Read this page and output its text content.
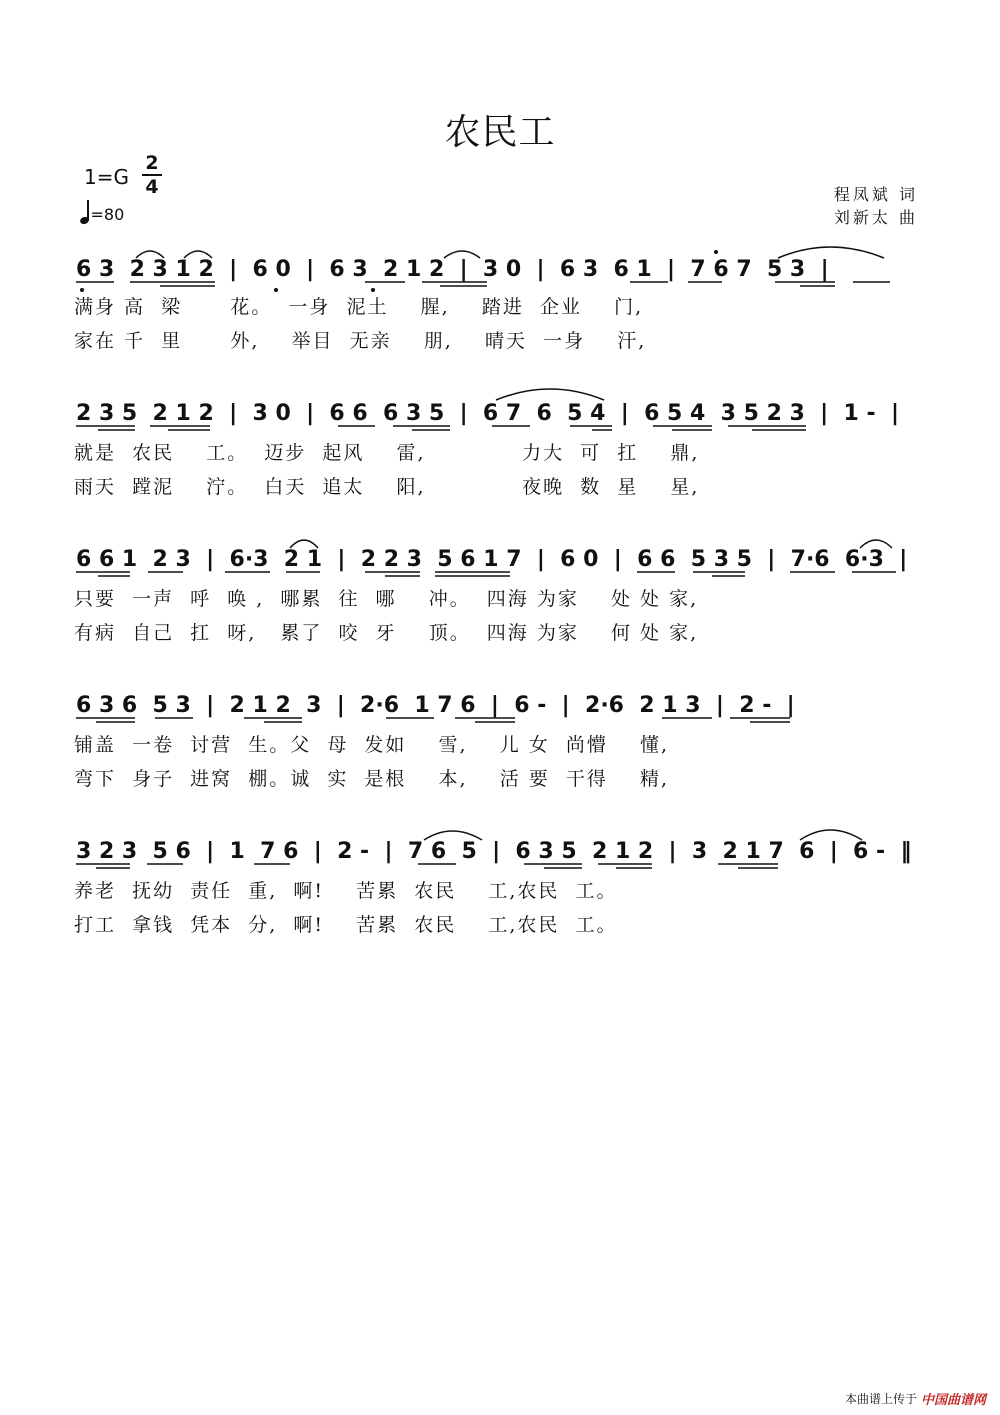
农民工
1=G
2
4
=80
程凤斌 词
刘新太 曲
6 3  2 3 1 2  |  6 0  |  6 3  2 1 2  |  3 0  |  6 3  6 1  |  7 6 7  5 3  |
2 3 5  2 1 2  |  3 0  |  6 6  6 3 5  |  6 7  6  5 4  |  6 5 4  3 5 2 3  |  1 -  |
6 6 1  2 3  |  6·3  2 1  |  2 2 3  5 6 1 7  |  6 0  |  6 6  5 3 5  |  7·6  6·3  |
6 3 6  5 3  |  2 1 2  3  |  2·6  1 7 6  |  6 -  |  2·6  2 1 3  |  2 -  |
3 2 3  5 6  |  1  7 6  |  2 -  |  7 6  5  |  6 3 5  2 1 2  |  3  2 1 7  6  |  6 -  ‖
满身 高  梁      花。  一身  泥土    腥,    踏进  企业    门,
家在 千  里      外,    举目  无亲    朋,    晴天  一身    汗,
就是  农民    工。  迈步  起风    雷,            力大  可  扛    鼎,
雨天  蹚泥    泞。  白天  追太    阳,            夜晚  数  星    星,
只要  一声  呼  唤 ,  哪累  往  哪    冲。  四海 为家    处 处 家,
有病  自己  扛  呀,   累了  咬  牙    顶。  四海 为家    何 处 家,
铺盖  一卷  讨营  生。父  母  发如    雪,    儿 女  尚懵    懂,
弯下  身子  进窝  棚。诚  实  是根    本,    活 要  干得    精,
养老  抚幼  责任  重,  啊!    苦累  农民    工,农民  工。
打工  拿钱  凭本  分,  啊!    苦累  农民    工,农民  工。
本曲谱上传于 中国曲谱网
